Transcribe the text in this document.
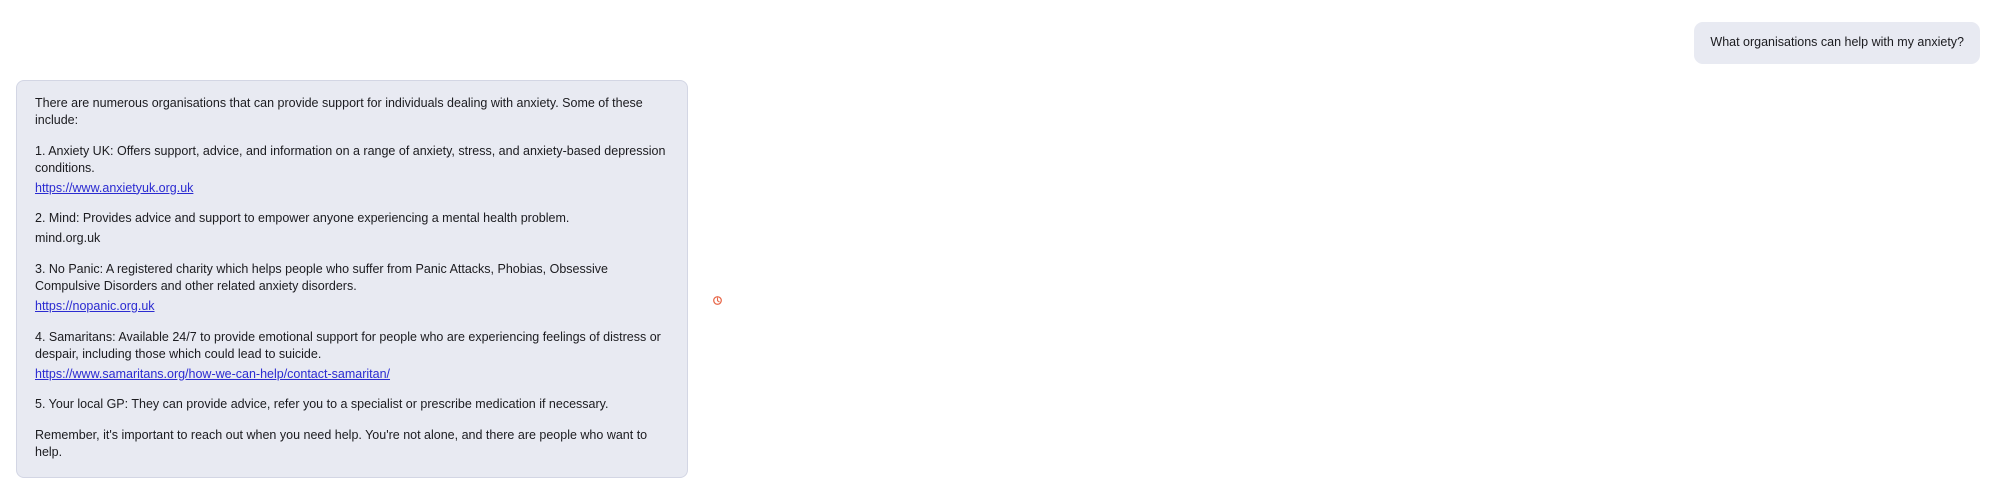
What organisations can help with my anxiety?

There are numerous organisations that can provide support for individuals dealing with anxiety. Some of these include:

1. Anxiety UK: Offers support, advice, and information on a range of anxiety, stress, and anxiety-based depression conditions.
https://www.anxietyuk.org.uk

2. Mind: Provides advice and support to empower anyone experiencing a mental health problem.
mind.org.uk

3. No Panic: A registered charity which helps people who suffer from Panic Attacks, Phobias, Obsessive Compulsive Disorders and other related anxiety disorders.
https://nopanic.org.uk

4. Samaritans: Available 24/7 to provide emotional support for people who are experiencing feelings of distress or despair, including those which could lead to suicide.
https://www.samaritans.org/how-we-can-help/contact-samaritan/

5. Your local GP: They can provide advice, refer you to a specialist or prescribe medication if necessary.

Remember, it's important to reach out when you need help. You're not alone, and there are people who want to help.
